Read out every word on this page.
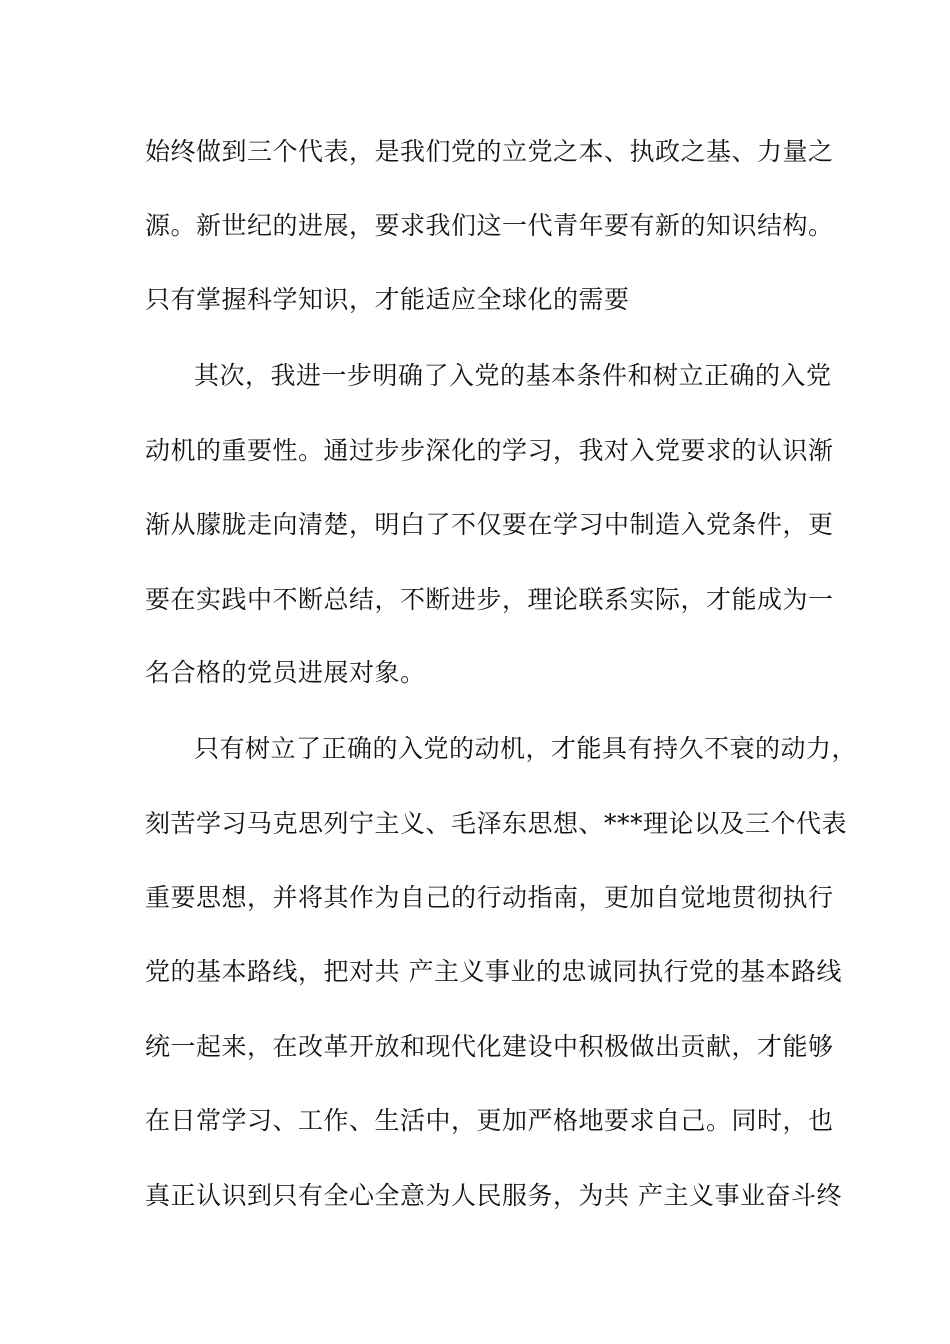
始终做到三个代表，是我们党的立党之本、执政之基、力量之
源。新世纪的进展，要求我们这一代青年要有新的知识结构。
只有掌握科学知识，才能适应全球化的需要
其次，我进一步明确了入党的基本条件和树立正确的入党
动机的重要性。通过步步深化的学习，我对入党要求的认识渐
渐从朦胧走向清楚，明白了不仅要在学习中制造入党条件，更
要在实践中不断总结，不断进步，理论联系实际，才能成为一
名合格的党员进展对象。
只有树立了正确的入党的动机，才能具有持久不衰的动力，
刻苦学习马克思列宁主义、毛泽东思想、***理论以及三个代表
重要思想，并将其作为自己的行动指南，更加自觉地贯彻执行
党的基本路线，把对共 产主义事业的忠诚同执行党的基本路线
统一起来，在改革开放和现代化建设中积极做出贡献，才能够
在日常学习、工作、生活中，更加严格地要求自己。同时，也
真正认识到只有全心全意为人民服务，为共 产主义事业奋斗终
